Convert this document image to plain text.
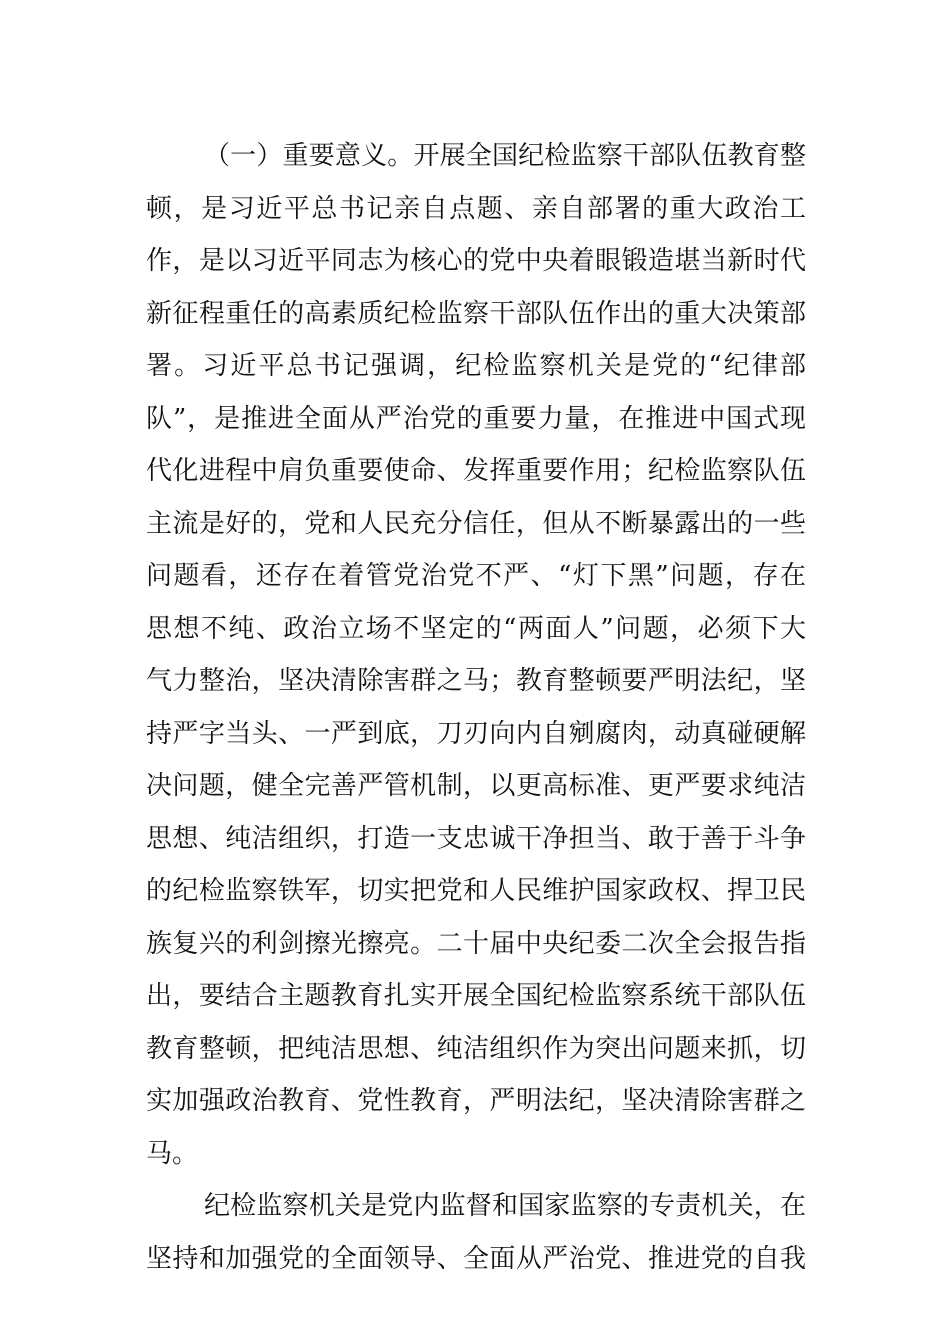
（一）重要意义。开展全国纪检监察干部队伍教育整
顿，是习近平总书记亲自点题、亲自部署的重大政治工
作，是以习近平同志为核心的党中央着眼锻造堪当新时代
新征程重任的高素质纪检监察干部队伍作出的重大决策部
署。习近平总书记强调，纪检监察机关是党的“纪律部
队”，是推进全面从严治党的重要力量，在推进中国式现
代化进程中肩负重要使命、发挥重要作用；纪检监察队伍
主流是好的，党和人民充分信任，但从不断暴露出的一些
问题看，还存在着管党治党不严、“灯下黑”问题，存在
思想不纯、政治立场不坚定的“两面人”问题，必须下大
气力整治，坚决清除害群之马；教育整顿要严明法纪，坚
持严字当头、一严到底，刀刃向内自剜腐肉，动真碰硬解
决问题，健全完善严管机制，以更高标准、更严要求纯洁
思想、纯洁组织，打造一支忠诚干净担当、敢于善于斗争
的纪检监察铁军，切实把党和人民维护国家政权、捍卫民
族复兴的利剑擦光擦亮。二十届中央纪委二次全会报告指
出，要结合主题教育扎实开展全国纪检监察系统干部队伍
教育整顿，把纯洁思想、纯洁组织作为突出问题来抓，切
实加强政治教育、党性教育，严明法纪，坚决清除害群之
马。
纪检监察机关是党内监督和国家监察的专责机关，在
坚持和加强党的全面领导、全面从严治党、推进党的自我
